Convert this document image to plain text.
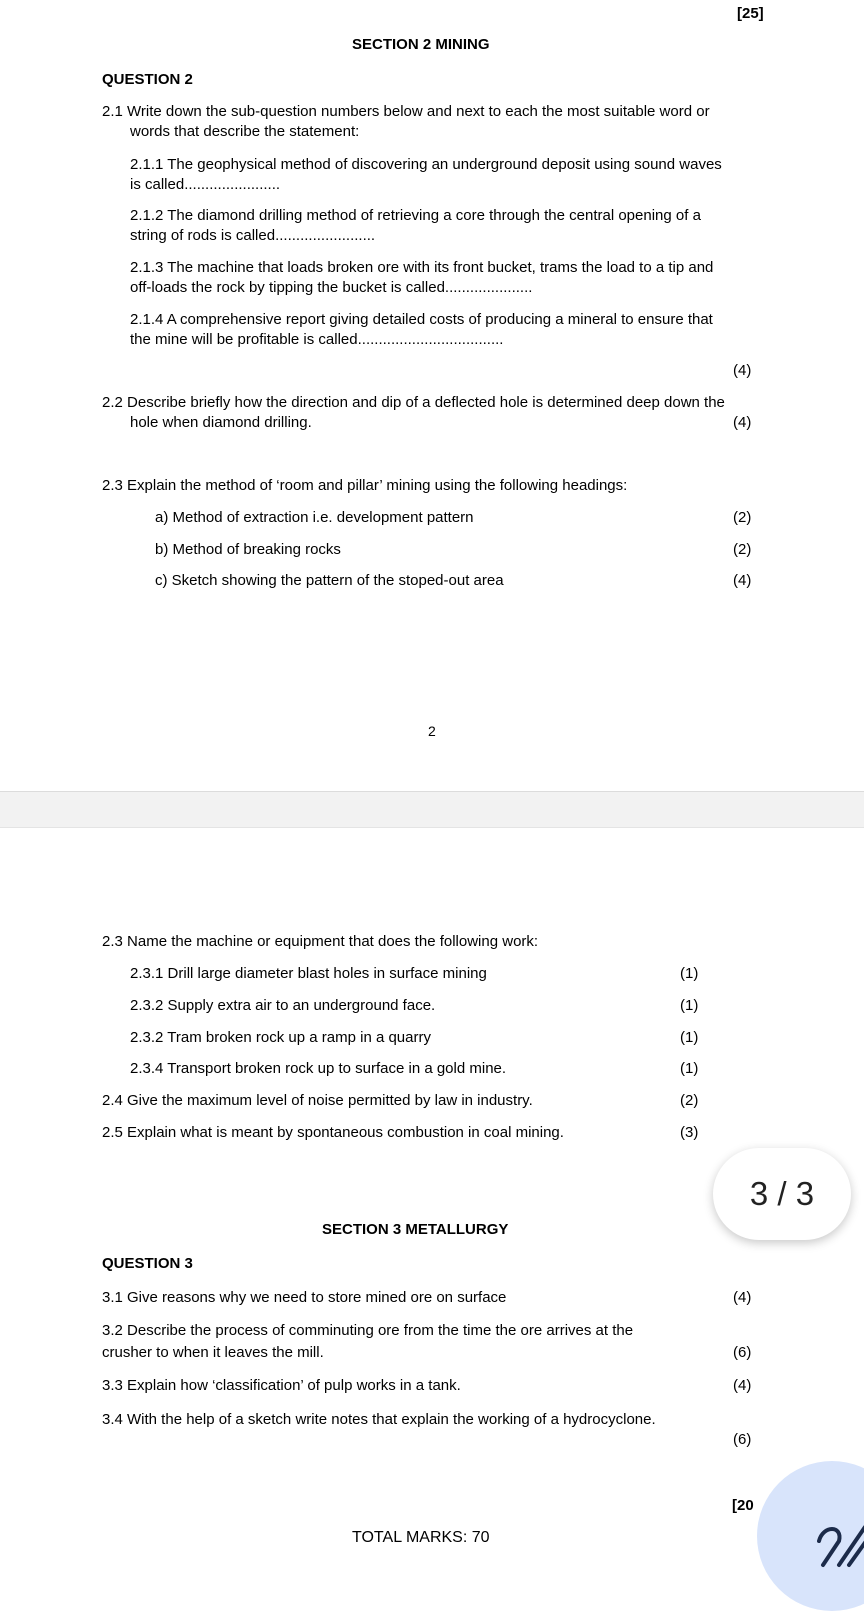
[25]
SECTION 2 MINING
QUESTION 2
2.1 Write down the sub-question numbers below and next to each the most suitable word or
words that describe the statement:
2.1.1 The geophysical method of discovering an underground deposit using sound waves
is called.......................
2.1.2 The diamond drilling method of retrieving a core through the central opening of a
string of rods is called........................
2.1.3 The machine that loads broken ore with its front bucket, trams the load to a tip and
off-loads the rock by tipping the bucket is called.....................
2.1.4 A comprehensive report giving detailed costs of producing a mineral to ensure that
the mine will be profitable is called...................................
(4)
2.2 Describe briefly how the direction and dip of a deflected hole is determined deep down the
hole when diamond drilling.	(4)
2.3 Explain the method of ‘room and pillar’ mining using the following headings:
a) Method of extraction i.e. development pattern	(2)
b) Method of breaking rocks	(2)
c) Sketch showing the pattern of the stoped-out area	(4)
2
2.3 Name the machine or equipment that does the following work:
2.3.1 Drill large diameter blast holes in surface mining	(1)
2.3.2 Supply extra air to an underground face.	(1)
2.3.2 Tram broken rock up a ramp in a quarry	(1)
2.3.4 Transport broken rock up to surface in a gold mine.	(1)
2.4 Give the maximum level of noise permitted by law in industry.	(2)
2.5 Explain what is meant by spontaneous combustion in coal mining.	(3)
SECTION 3 METALLURGY
QUESTION 3
3.1 Give reasons why we need to store mined ore on surface	(4)
3.2 Describe the process of comminuting ore from the time the ore arrives at the
crusher to when it leaves the mill.	(6)
3.3 Explain how ‘classification’ of pulp works in a tank.	(4)
3.4 With the help of a sketch write notes that explain the working of a hydrocyclone.
(6)
[20
TOTAL MARKS: 70
3 / 3
